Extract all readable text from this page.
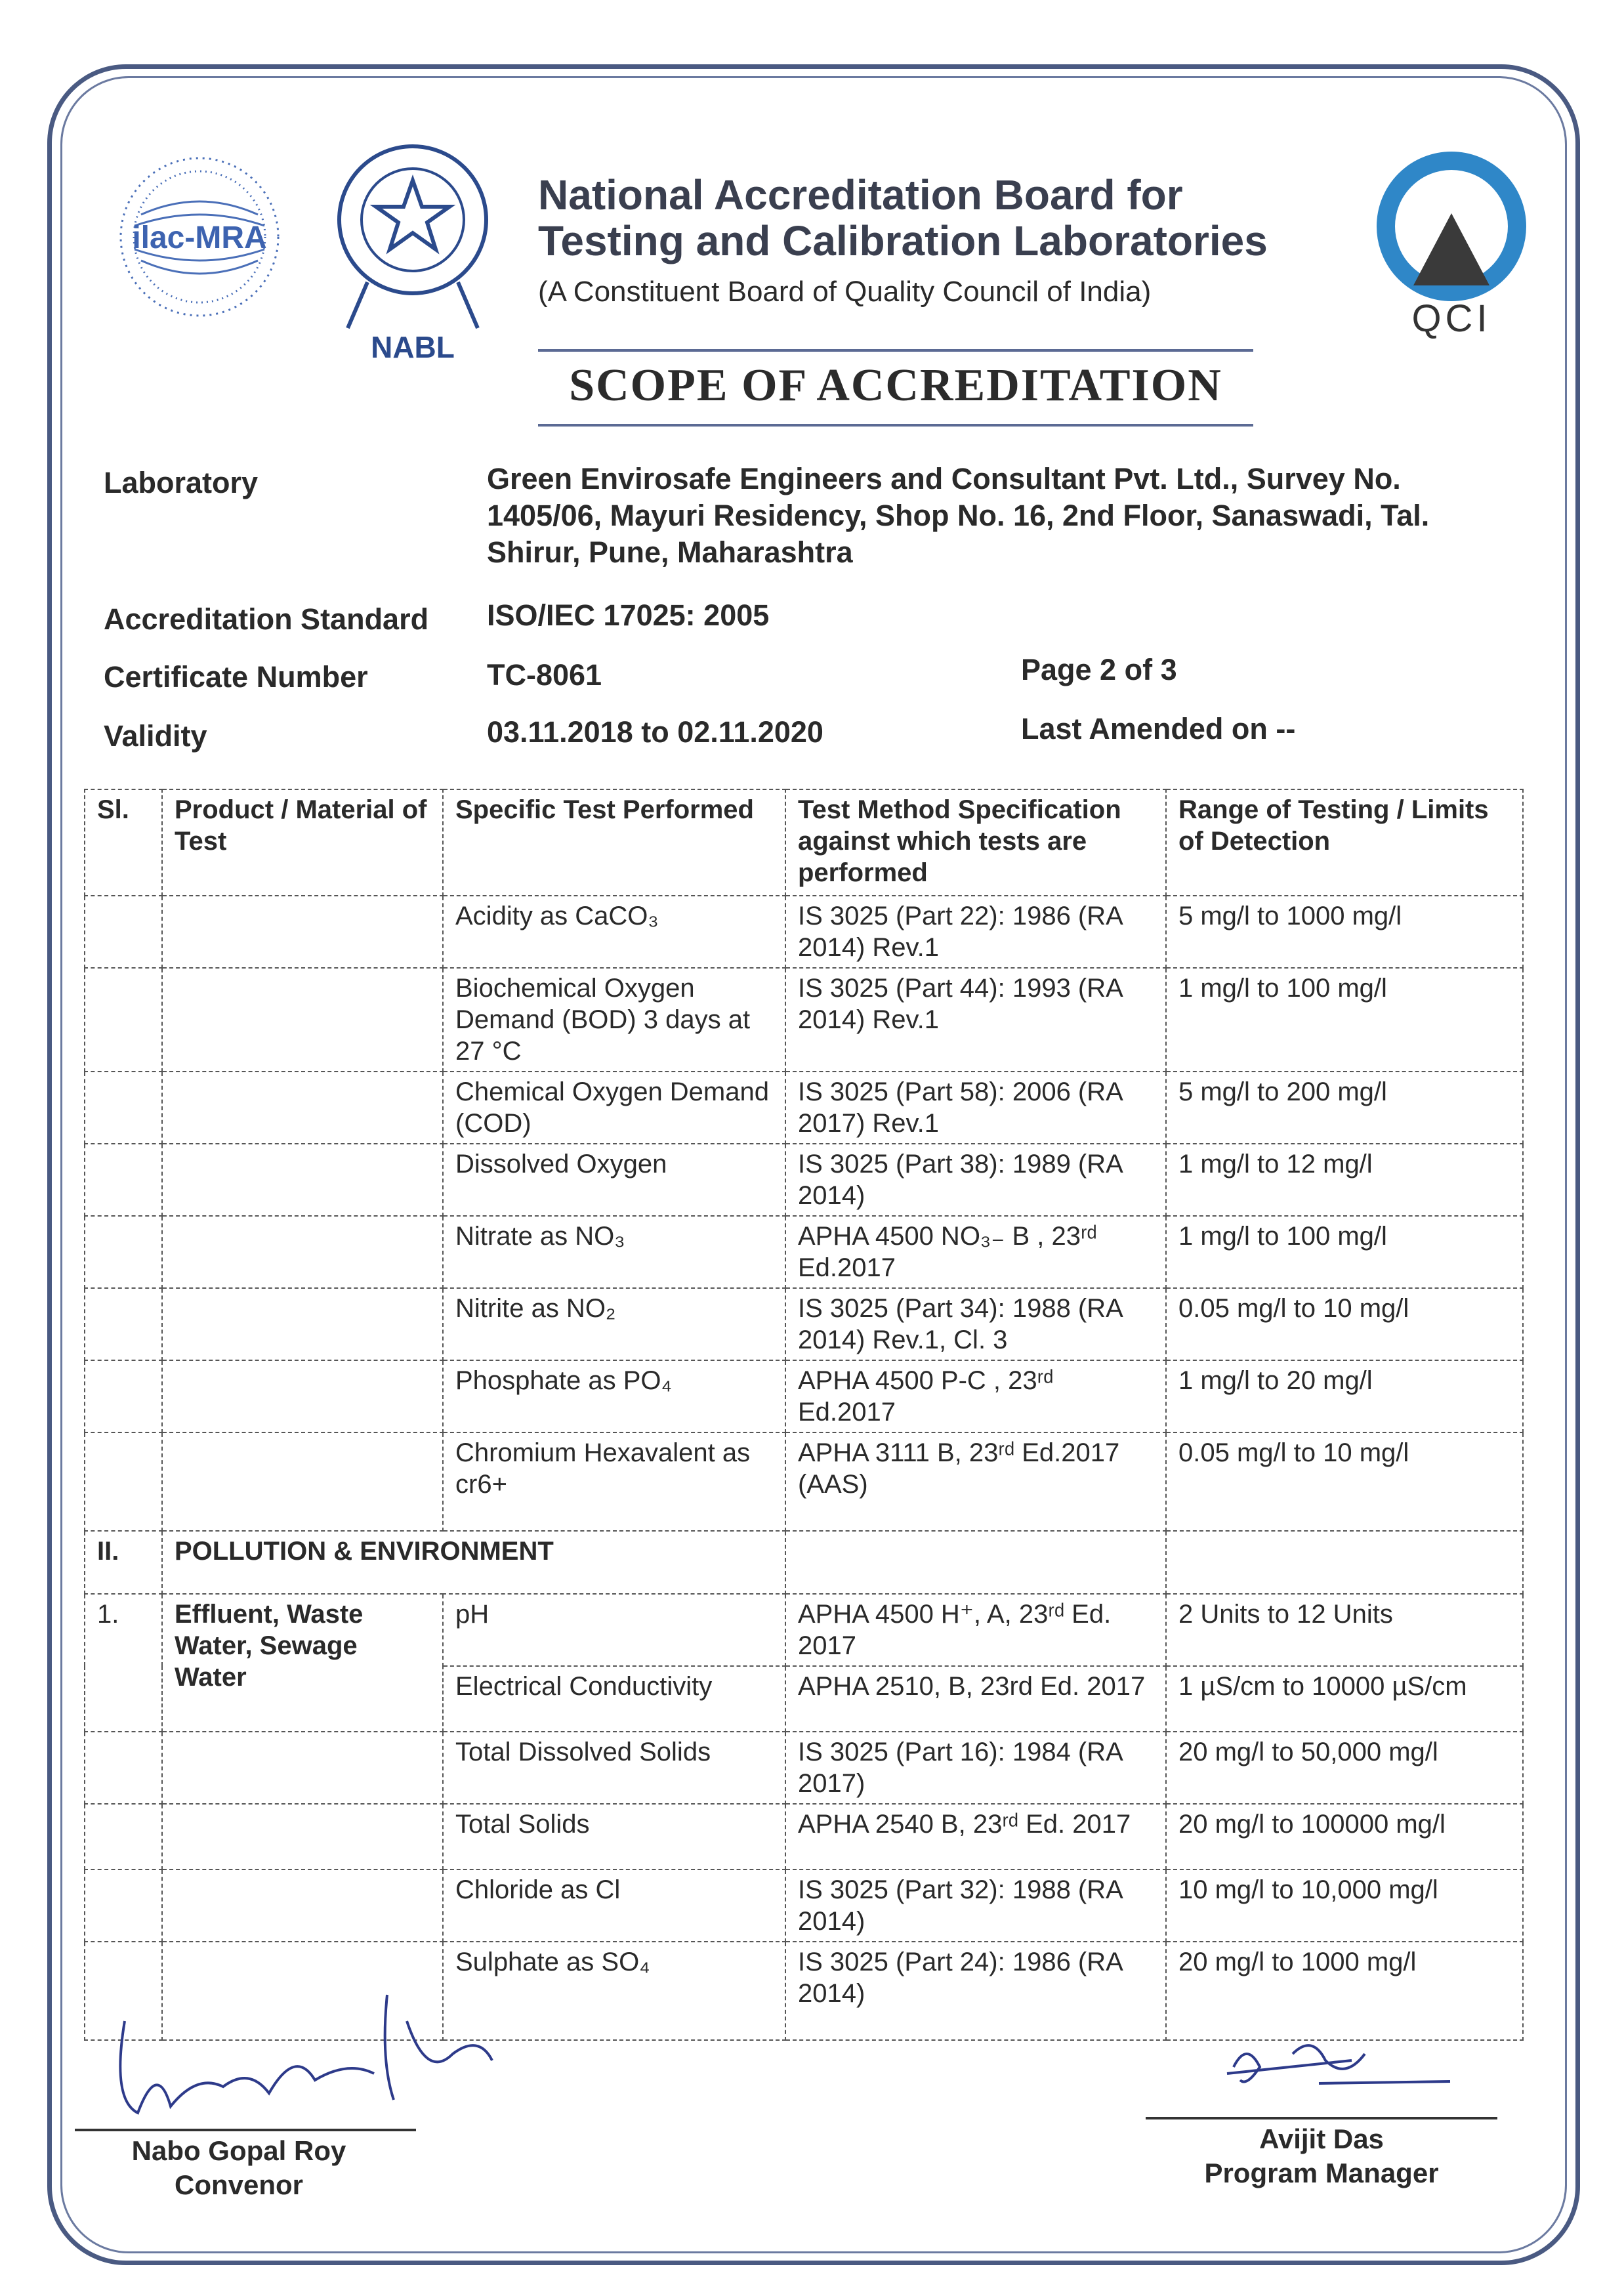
ilac-MRA
NABL
QCI
National Accreditation Board for
Testing and Calibration Laboratories
(A Constituent Board of Quality Council of India)
SCOPE OF ACCREDITATION
Laboratory	Green Envirosafe Engineers and Consultant Pvt. Ltd., Survey No. 1405/06, Mayuri Residency, Shop No. 16, 2nd Floor, Sanaswadi, Tal. Shirur, Pune, Maharashtra
Accreditation Standard ISO/IEC 17025: 2005
Certificate Number	TC-8061	Page 2 of 3
Validity	03.11.2018 to 02.11.2020	Last Amended on --
Sl.	Product / Material of Test	Specific Test Performed	Test Method Specification against which tests are performed	Range of Testing / Limits of Detection
		Acidity as CaCO₃	IS 3025 (Part 22): 1986 (RA 2014) Rev.1	5 mg/l to 1000 mg/l
		Biochemical Oxygen Demand (BOD) 3 days at 27 °C	IS 3025 (Part 44): 1993 (RA 2014) Rev.1	1 mg/l to 100 mg/l
		Chemical Oxygen Demand (COD)	IS 3025 (Part 58): 2006 (RA 2017) Rev.1	5 mg/l to 200 mg/l
		Dissolved Oxygen	IS 3025 (Part 38): 1989 (RA 2014)	1 mg/l to 12 mg/l
		Nitrate as NO₃	APHA 4500 NO₃₋ B , 23ʳᵈ Ed.2017	1 mg/l to 100 mg/l
		Nitrite as NO₂	IS 3025 (Part 34): 1988 (RA 2014) Rev.1, Cl. 3	0.05 mg/l to 10 mg/l
		Phosphate as PO₄	APHA 4500 P-C , 23ʳᵈ Ed.2017	1 mg/l to 20 mg/l
		Chromium Hexavalent as cr6+	APHA 3111 B, 23ʳᵈ Ed.2017 (AAS)	0.05 mg/l to 10 mg/l
II.	POLLUTION & ENVIRONMENT			
1.	Effluent, Waste Water, Sewage Water	pH	APHA 4500 H⁺, A, 23ʳᵈ Ed. 2017	2 Units to 12 Units
		Electrical Conductivity	APHA 2510, B, 23rd Ed. 2017	1 µS/cm to 10000 µS/cm
		Total Dissolved Solids	IS 3025 (Part 16): 1984 (RA 2017)	20 mg/l to 50,000 mg/l
		Total Solids	APHA 2540 B, 23ʳᵈ Ed. 2017	20 mg/l to 100000 mg/l
		Chloride as Cl	IS 3025 (Part 32): 1988 (RA 2014)	10 mg/l to 10,000 mg/l
		Sulphate as SO₄	IS 3025 (Part 24): 1986 (RA 2014)	20 mg/l to 1000 mg/l
Nabo Gopal Roy
Convenor
Avijit Das
Program Manager
